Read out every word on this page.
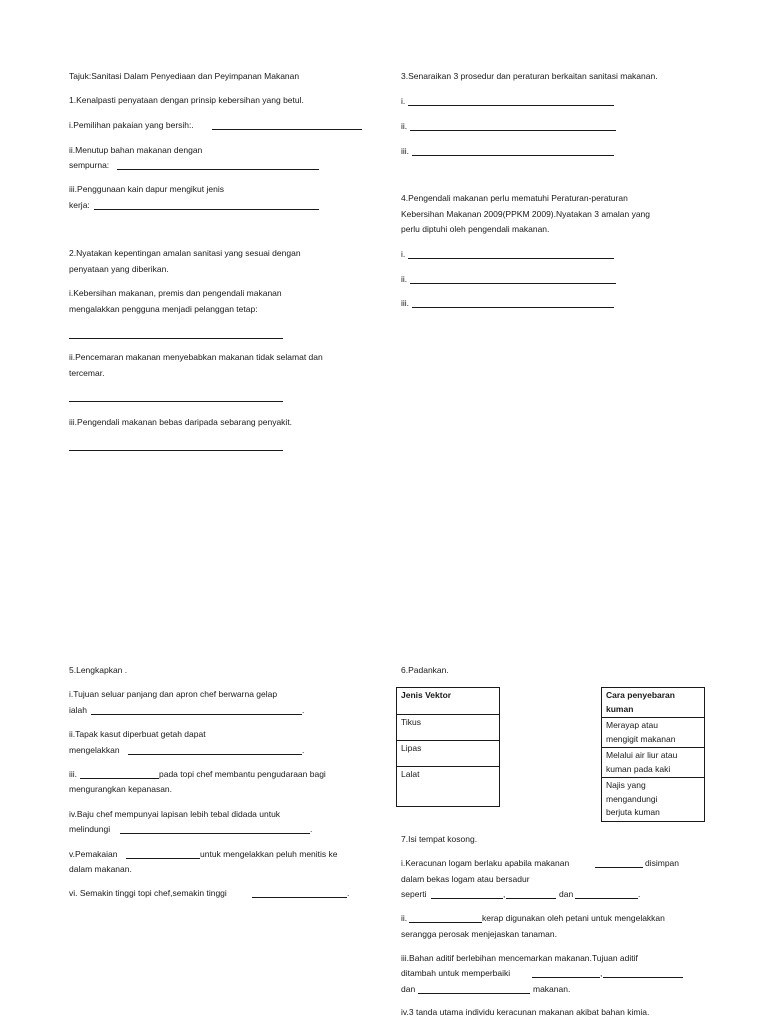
Tajuk:Sanitasi Dalam Penyediaan dan Peyimpanan Makanan
1.Kenalpasti penyataan dengan prinsip kebersihan yang betul.
i.Pemilihan pakaian yang bersih:.
ii.Menutup bahan makanan dengan
sempurna:
iii.Penggunaan kain dapur mengikut jenis
kerja:
2.Nyatakan kepentingan amalan sanitasi yang sesuai dengan
penyataan yang diberikan.
i.Kebersihan makanan, premis dan pengendali makanan
mengalakkan pengguna menjadi pelanggan tetap:
ii.Pencemaran makanan menyebabkan makanan tidak selamat dan
tercemar.
iii.Pengendali makanan bebas daripada sebarang penyakit.
3.Senaraikan 3 prosedur dan peraturan berkaitan sanitasi makanan.
i.
ii.
iii.
4.Pengendali makanan perlu mematuhi Peraturan-peraturan
Kebersihan Makanan 2009(PPKM 2009).Nyatakan 3 amalan yang
perlu diptuhi oleh pengendali makanan.
i.
ii.
iii.
5.Lengkapkan .
i.Tujuan seluar panjang dan apron chef berwarna gelap
ialah	.
ii.Tapak kasut diperbuat getah dapat
mengelakkan	.
iii.	pada topi chef membantu pengudaraan bagi
mengurangkan kepanasan.
iv.Baju chef mempunyai lapisan lebih tebal didada untuk
melindungi	.
v.Pemakaian	untuk mengelakkan peluh menitis ke
dalam makanan.
vi. Semakin tinggi topi chef,semakin tinggi	.
6.Padankan.
Jenis Vektor
Tikus
Lipas
Lalat
Cara penyebaran
kuman

Merayap atau
mengigit makanan

Melalui air liur atau
kuman pada kaki

Najis yang
mengandungi
berjuta kuman
7.Isi tempat kosong.
i.Keracunan logam berlaku apabila makanan	disimpan
dalam bekas logam atau bersadur
seperti	,	dan	.
ii.	kerap digunakan oleh petani untuk mengelakkan
serangga perosak menjejaskan tanaman.
iii.Bahan aditif berlebihan mencemarkan makanan.Tujuan aditif
ditambah untuk memperbaiki	,
dan	makanan.
iv.3 tanda utama individu keracunan makanan akibat bahan kimia.
